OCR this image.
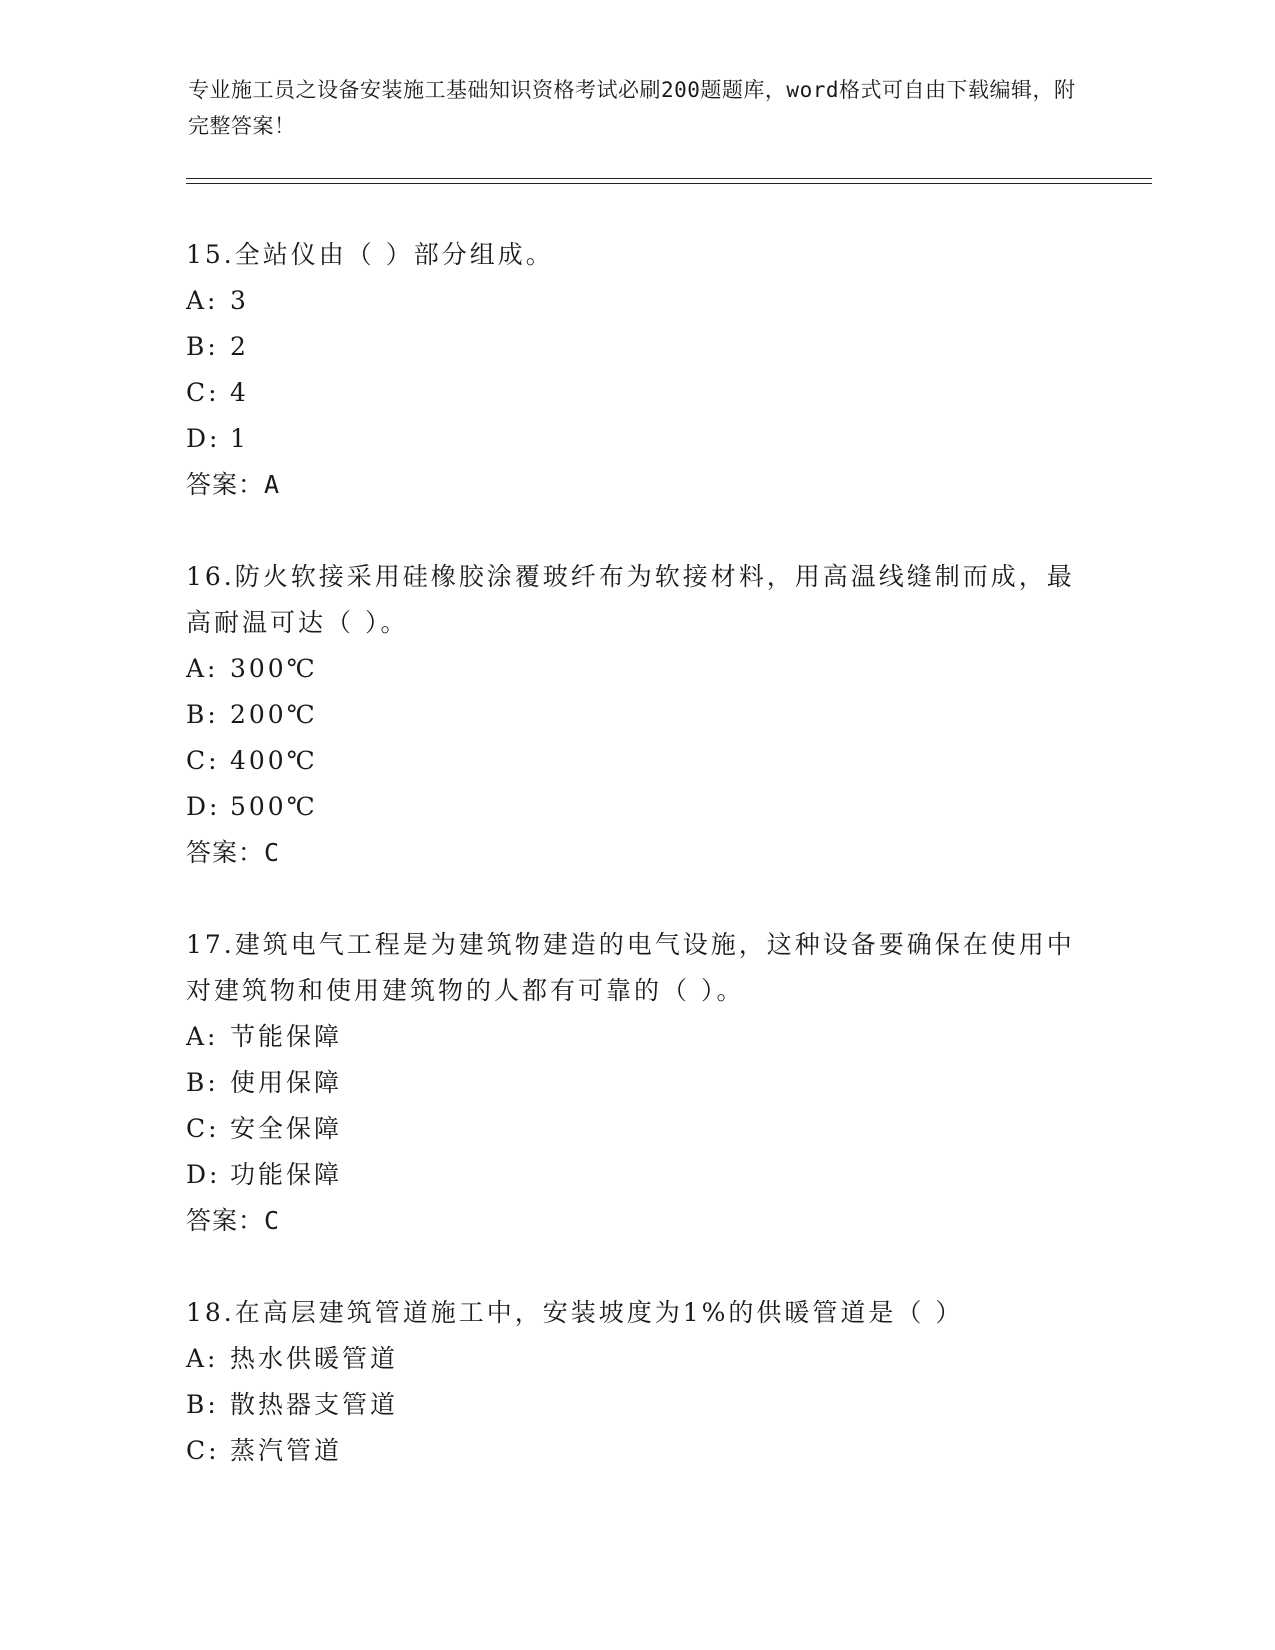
专业施工员之设备安装施工基础知识资格考试必刷200题题库，word格式可自由下载编辑，附完整答案！

15.全站仪由（ ）部分组成。

A: 3

B: 2

C: 4

D: 1

答案：A

16.防火软接采用硅橡胶涂覆玻纤布为软接材料，用高温线缝制而成，最高耐温可达（ ）。

A: 300℃

B: 200℃

C: 400℃

D: 500℃

答案：C

17.建筑电气工程是为建筑物建造的电气设施，这种设备要确保在使用中对建筑物和使用建筑物的人都有可靠的（ ）。

A: 节能保障

B: 使用保障

C: 安全保障

D: 功能保障

答案：C

18.在高层建筑管道施工中，安装坡度为1%的供暖管道是（ ）

A: 热水供暖管道

B: 散热器支管道

C: 蒸汽管道
